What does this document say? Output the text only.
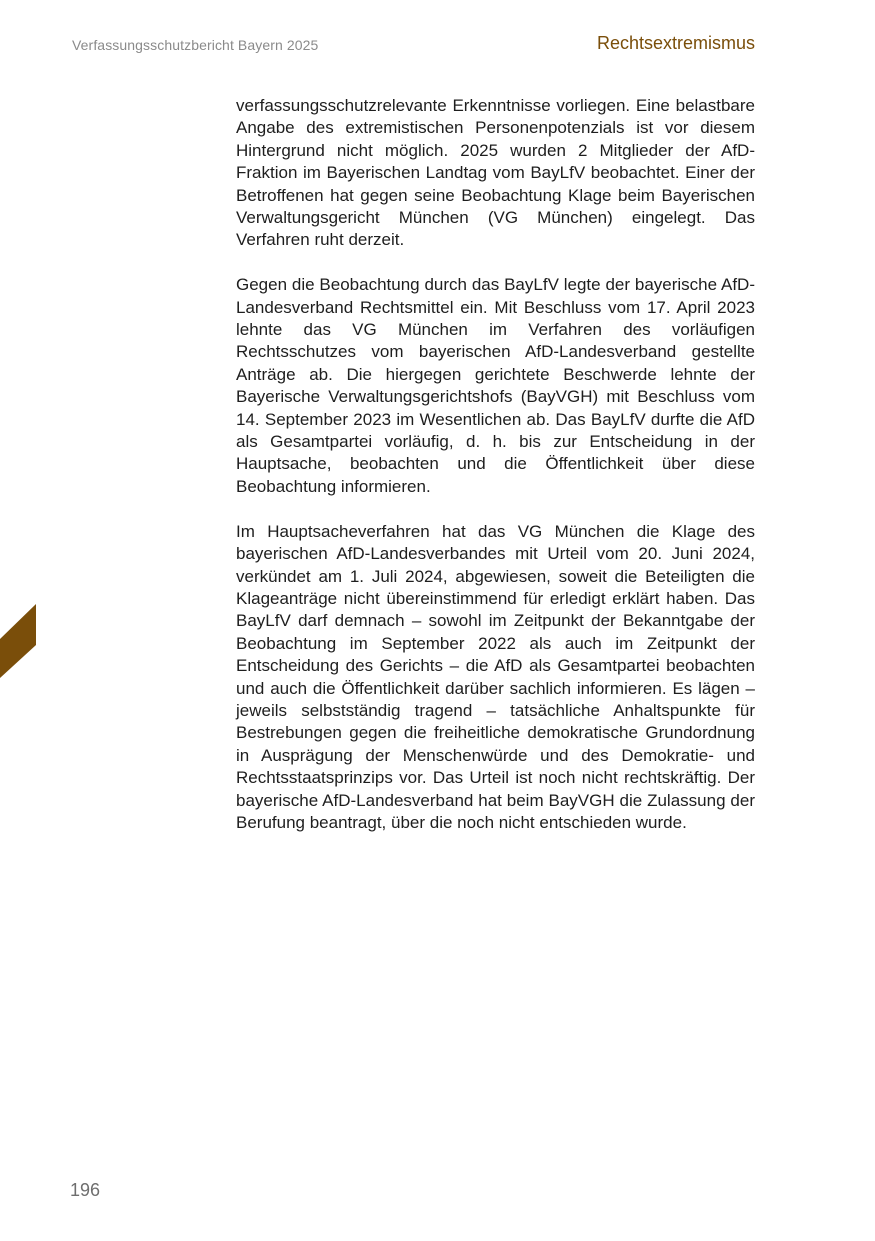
Verfassungsschutzbericht Bayern 2025	Rechtsextremismus

verfassungsschutzrelevante Erkenntnisse vorliegen. Eine belastbare Angabe des extremistischen Personenpotenzials ist vor diesem Hintergrund nicht möglich. 2025 wurden 2 Mitglieder der AfD-Fraktion im Bayerischen Landtag vom BayLfV beobachtet. Einer der Betroffenen hat gegen seine Beobachtung Klage beim Bayerischen Verwaltungsgericht München (VG München) eingelegt. Das Verfahren ruht derzeit.

Gegen die Beobachtung durch das BayLfV legte der bayerische AfD-Landesverband Rechtsmittel ein. Mit Beschluss vom 17. April 2023 lehnte das VG München im Verfahren des vorläufigen Rechtsschutzes vom bayerischen AfD-Landesverband gestellte Anträge ab. Die hiergegen gerichtete Beschwerde lehnte der Bayerische Verwaltungsgerichtshofs (BayVGH) mit Beschluss vom 14. September 2023 im Wesentlichen ab. Das BayLfV durfte die AfD als Gesamtpartei vorläufig, d. h. bis zur Entscheidung in der Hauptsache, beobachten und die Öffentlichkeit über diese Beobachtung informieren.

Im Hauptsacheverfahren hat das VG München die Klage des bayerischen AfD-Landesverbandes mit Urteil vom 20. Juni 2024, verkündet am 1. Juli 2024, abgewiesen, soweit die Beteiligten die Klageanträge nicht übereinstimmend für erledigt erklärt haben. Das BayLfV darf demnach – sowohl im Zeitpunkt der Bekanntgabe der Beobachtung im September 2022 als auch im Zeitpunkt der Entscheidung des Gerichts – die AfD als Gesamtpartei beobachten und auch die Öffentlichkeit darüber sachlich informieren. Es lägen – jeweils selbstständig tragend – tatsächliche Anhaltspunkte für Bestrebungen gegen die freiheitliche demokratische Grundordnung in Ausprägung der Menschenwürde und des Demokratie- und Rechtsstaatsprinzips vor. Das Urteil ist noch nicht rechtskräftig. Der bayerische AfD-Landesverband hat beim BayVGH die Zulassung der Berufung beantragt, über die noch nicht entschieden wurde.

196
